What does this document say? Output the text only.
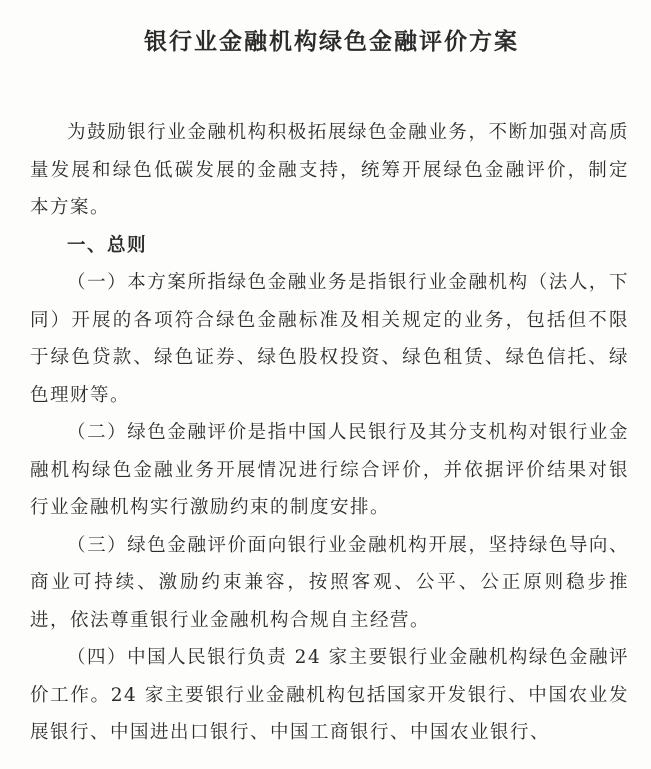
银行业金融机构绿色金融评价方案

为鼓励银行业金融机构积极拓展绿色金融业务，不断加强对高质量发展和绿色低碳发展的金融支持，统筹开展绿色金融评价，制定本方案。

一、总则

（一）本方案所指绿色金融业务是指银行业金融机构（法人，下同）开展的各项符合绿色金融标准及相关规定的业务，包括但不限于绿色贷款、绿色证券、绿色股权投资、绿色租赁、绿色信托、绿色理财等。

（二）绿色金融评价是指中国人民银行及其分支机构对银行业金融机构绿色金融业务开展情况进行综合评价，并依据评价结果对银行业金融机构实行激励约束的制度安排。

（三）绿色金融评价面向银行业金融机构开展，坚持绿色导向、商业可持续、激励约束兼容，按照客观、公平、公正原则稳步推进，依法尊重银行业金融机构合规自主经营。

（四）中国人民银行负责 24 家主要银行业金融机构绿色金融评价工作。24 家主要银行业金融机构包括国家开发银行、中国农业发展银行、中国进出口银行、中国工商银行、中国农业银行、
